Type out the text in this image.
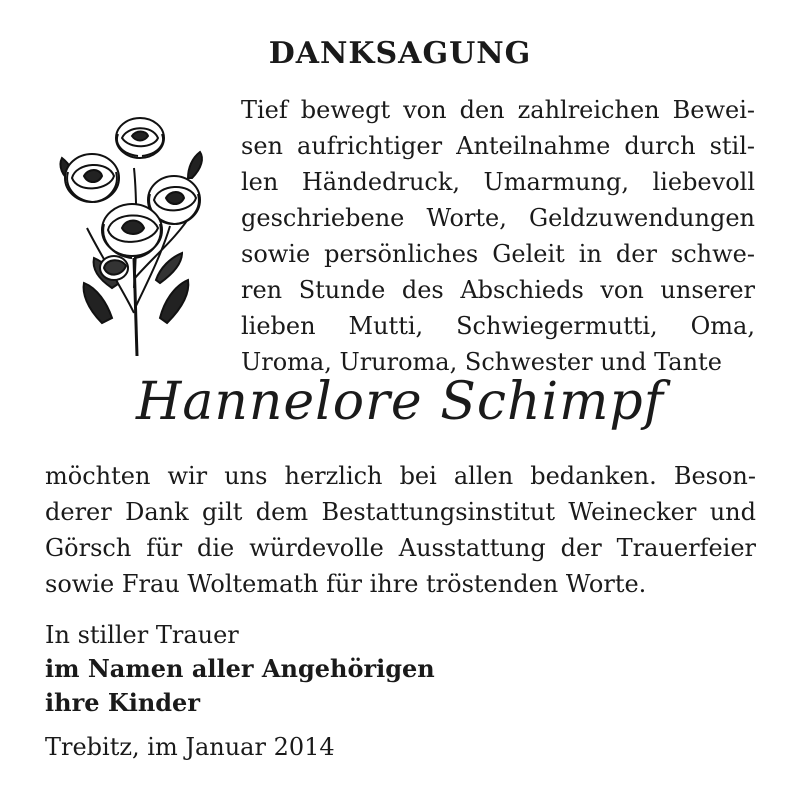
DANKSAGUNG
Tief bewegt von den zahlreichen Bewei-
sen aufrichtiger Anteilnahme durch stil-
len Händedruck, Umarmung, liebevoll
geschriebene Worte, Geldzuwendungen
sowie persönliches Geleit in der schwe-
ren Stunde des Abschieds von unserer
lieben Mutti, Schwiegermutti, Oma,
Uroma, Ururoma, Schwester und Tante
Hannelore Schimpf
möchten wir uns herzlich bei allen bedanken. Beson-
derer Dank gilt dem Bestattungsinstitut Weinecker und
Görsch für die würdevolle Ausstattung der Trauerfeier
sowie Frau Woltemath für ihre tröstenden Worte.
In stiller Trauer
im Namen aller Angehörigen
ihre Kinder
Trebitz, im Januar 2014
